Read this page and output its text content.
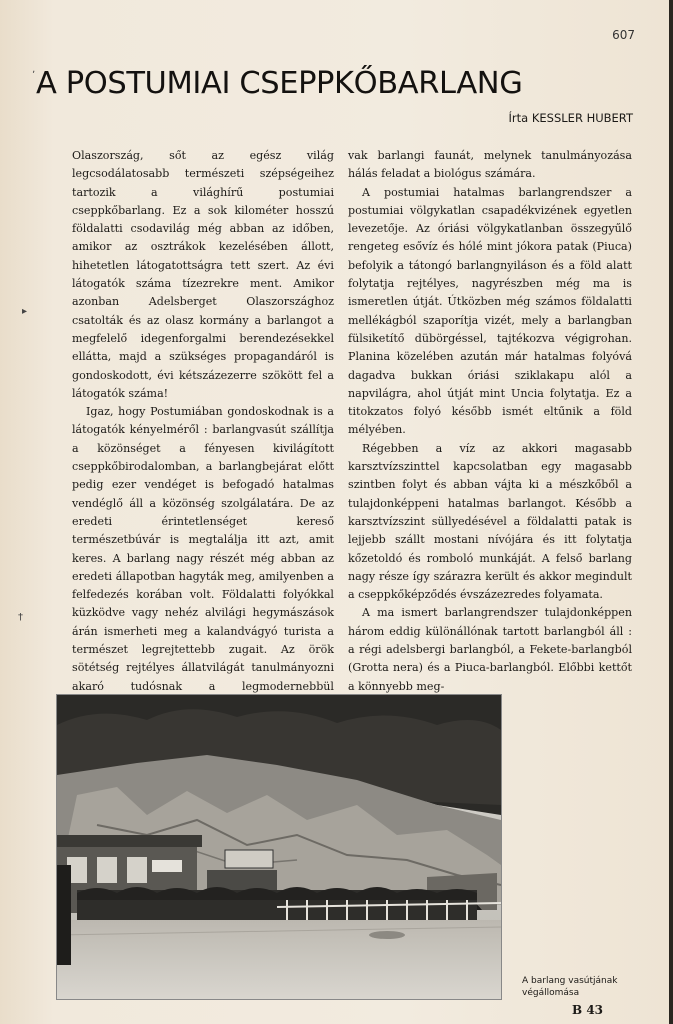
607
A POSTUMIAI CSEPPKŐBARLANG
Írta KESSLER HUBERT

Olaszország, sőt az egész világ legcsodálatosabb természeti szépségeihez tartozik a világhírű postumiai cseppkőbarlang. Ez a sok kilométer hosszú földalatti csodavilág még abban az időben, amikor az osztrákok kezelésében állott, hihetetlen látogatottságra tett szert. Az évi látogatók száma tízezrekre ment. Amikor azonban Adelsberget Olaszországhoz csatolták és az olasz kormány a barlangot a megfelelő idegenforgalmi berendezésekkel ellátta, majd a szükséges propagandáról is gondoskodott, évi kétszázezerre szökött fel a látogatók száma!

Igaz, hogy Postumiában gondoskodnak is a látogatók kényelméről : barlangvasút szállítja a közönséget a fényesen kivilágított cseppkőbirodalomban, a barlangbejárat előtt pedig ezer vendéget is befogadó hatalmas vendéglő áll a közönség szolgálatára. De az eredeti érintetlenséget kereső természetbúvár is megtalálja itt azt, amit keres. A barlang nagy részét még abban az eredeti állapotban hagyták meg, amilyenben a felfedezés korában volt. Földalatti folyókkal küzködve vagy nehéz alvilági hegymászások árán ismerheti meg a kalandvágyó turista a természet legrejtettebb zugait. Az örök sötétség rejtélyes állatvilágát tanulmányozni akaró tudósnak a legmodernebbül

vak barlangi faunát, melynek tanulmányozása hálás feladat a biológus számára.

A postumiai hatalmas barlangrendszer a postumiai völgykatlan csapadékvizének egyetlen levezetője. Az óriási völgykatlanban összegyűlő rengeteg esővíz és hólé mint jókora patak (Piuca) befolyik a tátongó barlangnyiláson és a föld alatt folytatja rejtélyes, nagyrészben még ma is ismeretlen útját. Útközben még számos földalatti mellékágból szaporítja vizét, mely a barlangban fülsiketítő dübörgéssel, tajtékozva végigrohan. Planina közelében azután már hatalmas folyóvá dagadva bukkan óriási sziklakapu alól a napvilágra, ahol útját mint Uncia folytatja. Ez a titokzatos folyó később ismét eltűnik a föld mélyében.

Régebben a víz az akkori magasabb karsztvízszinttel kapcsolatban egy magasabb szintben folyt és abban vájta ki a mészkőből a tulajdonképpeni hatalmas barlangot. Később a karsztvízszint süllyedésével a földalatti patak is lejjebb szállt mostani nívójára és itt folytatja kőzetoldó és romboló munkáját. A felső barlang nagy része így szárazra került és akkor megindult a cseppkőképződés évszázezredes folyamata.

A ma ismert barlangrendszer tulajdonképpen három eddig különállónak tartott barlangból áll : a régi adelsbergi barlangból, a Fekete-barlangból (Grotta nera) és a Piuca-barlangból. Előbbi kettőt a könnyebb meg-

A barlang vasútjának végállomása
B 43
ʼ
▸
†
